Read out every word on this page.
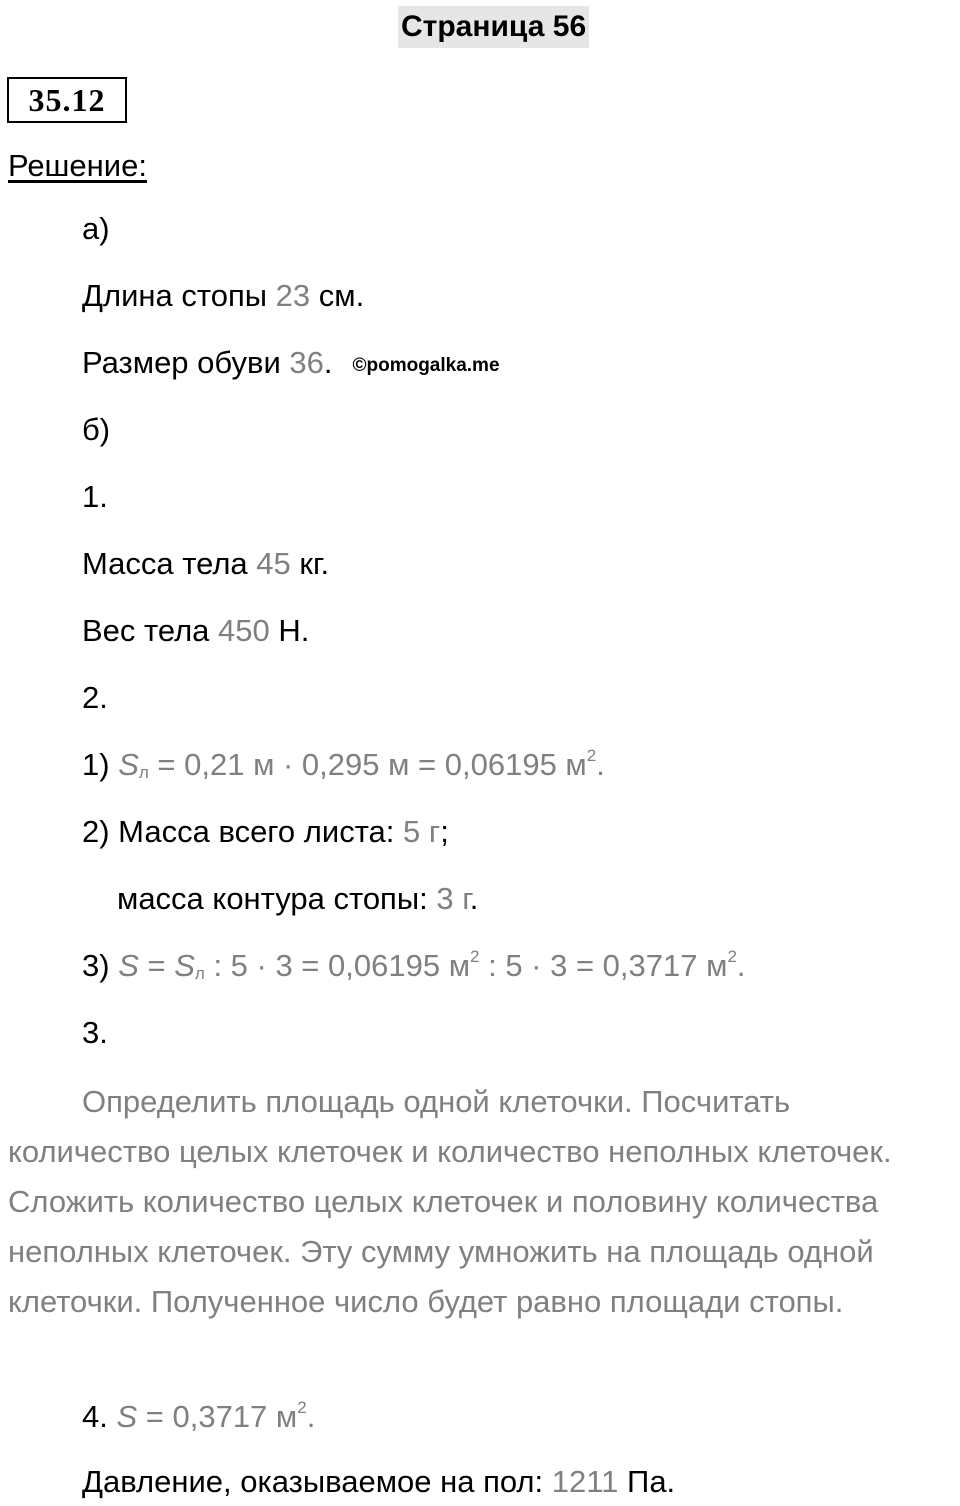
Страница 56
35.12
Решение:
а)
Длина стопы 23 см.
Размер обуви 36. ©pomogalka.me
б)
1.
Масса тела 45 кг.
Вес тела 450 Н.
2.
1) $S_л = 0,21$ м · 0,295 м = 0,06195 $м^2$.
2) Масса всего листа: 5 г;
масса контура стопы: 3 г.
3) $S = S_л$ : 5 · 3 = 0,06195 $м^2$ : 5 · 3 = 0,3717 $м^2$.
3.
Определить площадь одной клеточки. Посчитать количество целых клеточек и количество неполных клеточек. Сложить количество целых клеточек и половину количества неполных клеточек. Эту сумму умножить на площадь одной клеточки. Полученное число будет равно площади стопы.
4. S = 0,3717 $м^2$.
Давление, оказываемое на пол: 1211 Па.
